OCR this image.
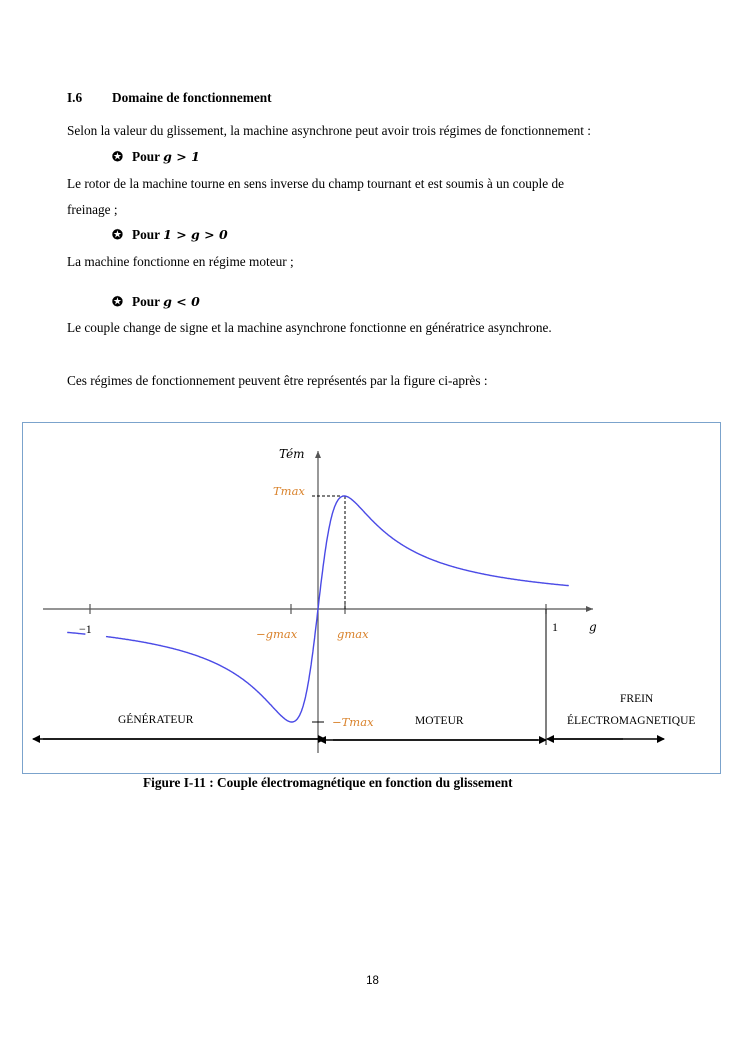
I.6 Domaine de fonctionnement
Selon la valeur du glissement, la machine asynchrone peut avoir trois régimes de fonctionnement :
✪ Pour g > 1
Le rotor de la machine tourne en sens inverse du champ tournant et est soumis à un couple de
freinage ;
✪ Pour 1 > g > 0
La machine fonctionne en régime moteur ;
✪ Pour g < 0
Le couple change de signe et la machine asynchrone fonctionne en génératrice asynchrone.
Ces régimes de fonctionnement peuvent être représentés par la figure ci-après :
Tém
g
−1	1
Tmax
−Tmax
gmax
−gmax
GÉNÉRATEUR	MOTEUR
FREIN
ÉLECTROMAGNETIQUE
Figure I-11 : Couple électromagnétique en fonction du glissement
18
